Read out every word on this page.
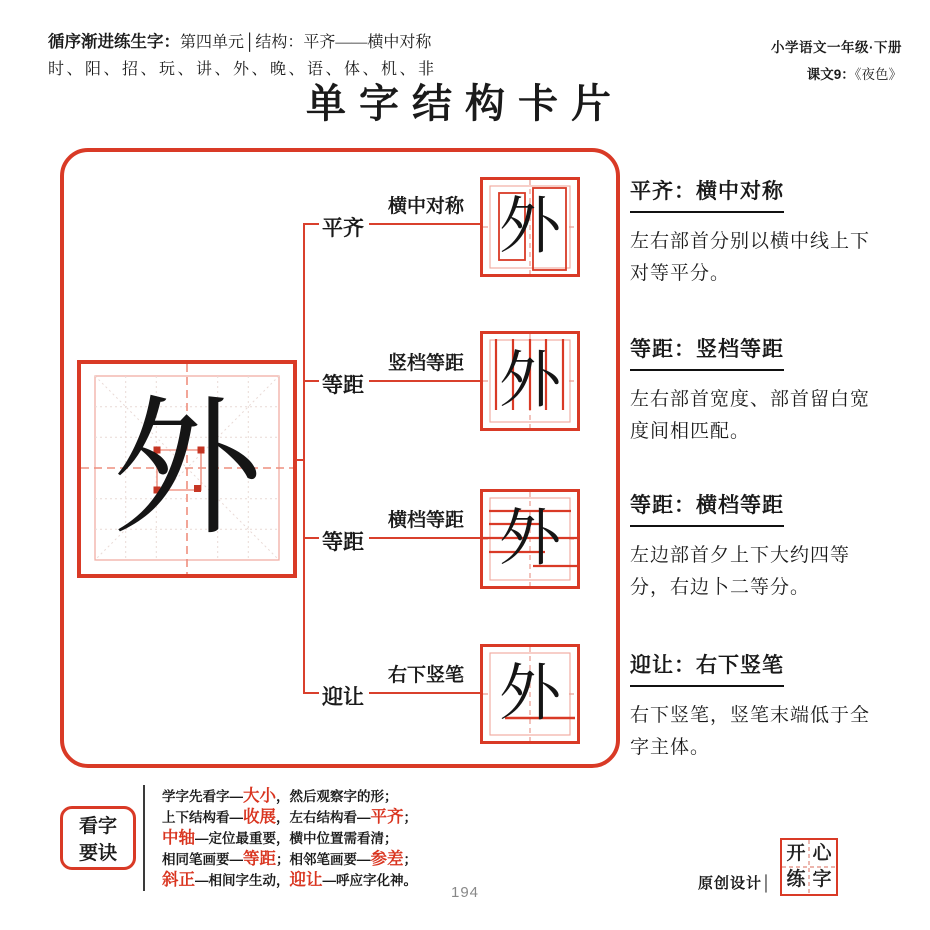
循序渐进练生字：第四单元│结构：平齐——横中对称
时、阳、招、玩、讲、外、晚、语、体、机、非
小学语文一年级·下册
课文9：《夜色》
单字结构卡片
外
平齐
横中对称 外
等距
竖档等距 外
等距
横档等距 外
迎让
右下竖笔 外
平齐：横中对称
左右部首分别以横中线上下对等平分。
等距：竖档等距
左右部首宽度、部首留白宽度间相匹配。
等距：横档等距
左边部首夕上下大约四等分，右边卜二等分。
迎让：右下竖笔
右下竖笔，竖笔末端低于全字主体。
看字
要诀
学字先看字—大小，然后观察字的形；
上下结构看—收展，左右结构看—平齐；
中轴—定位最重要，横中位置需看清；
相同笔画要—等距；相邻笔画要—参差；
斜正—相间字生动，迎让—呼应字化神。	原创设计│
开 心
练 字
194
